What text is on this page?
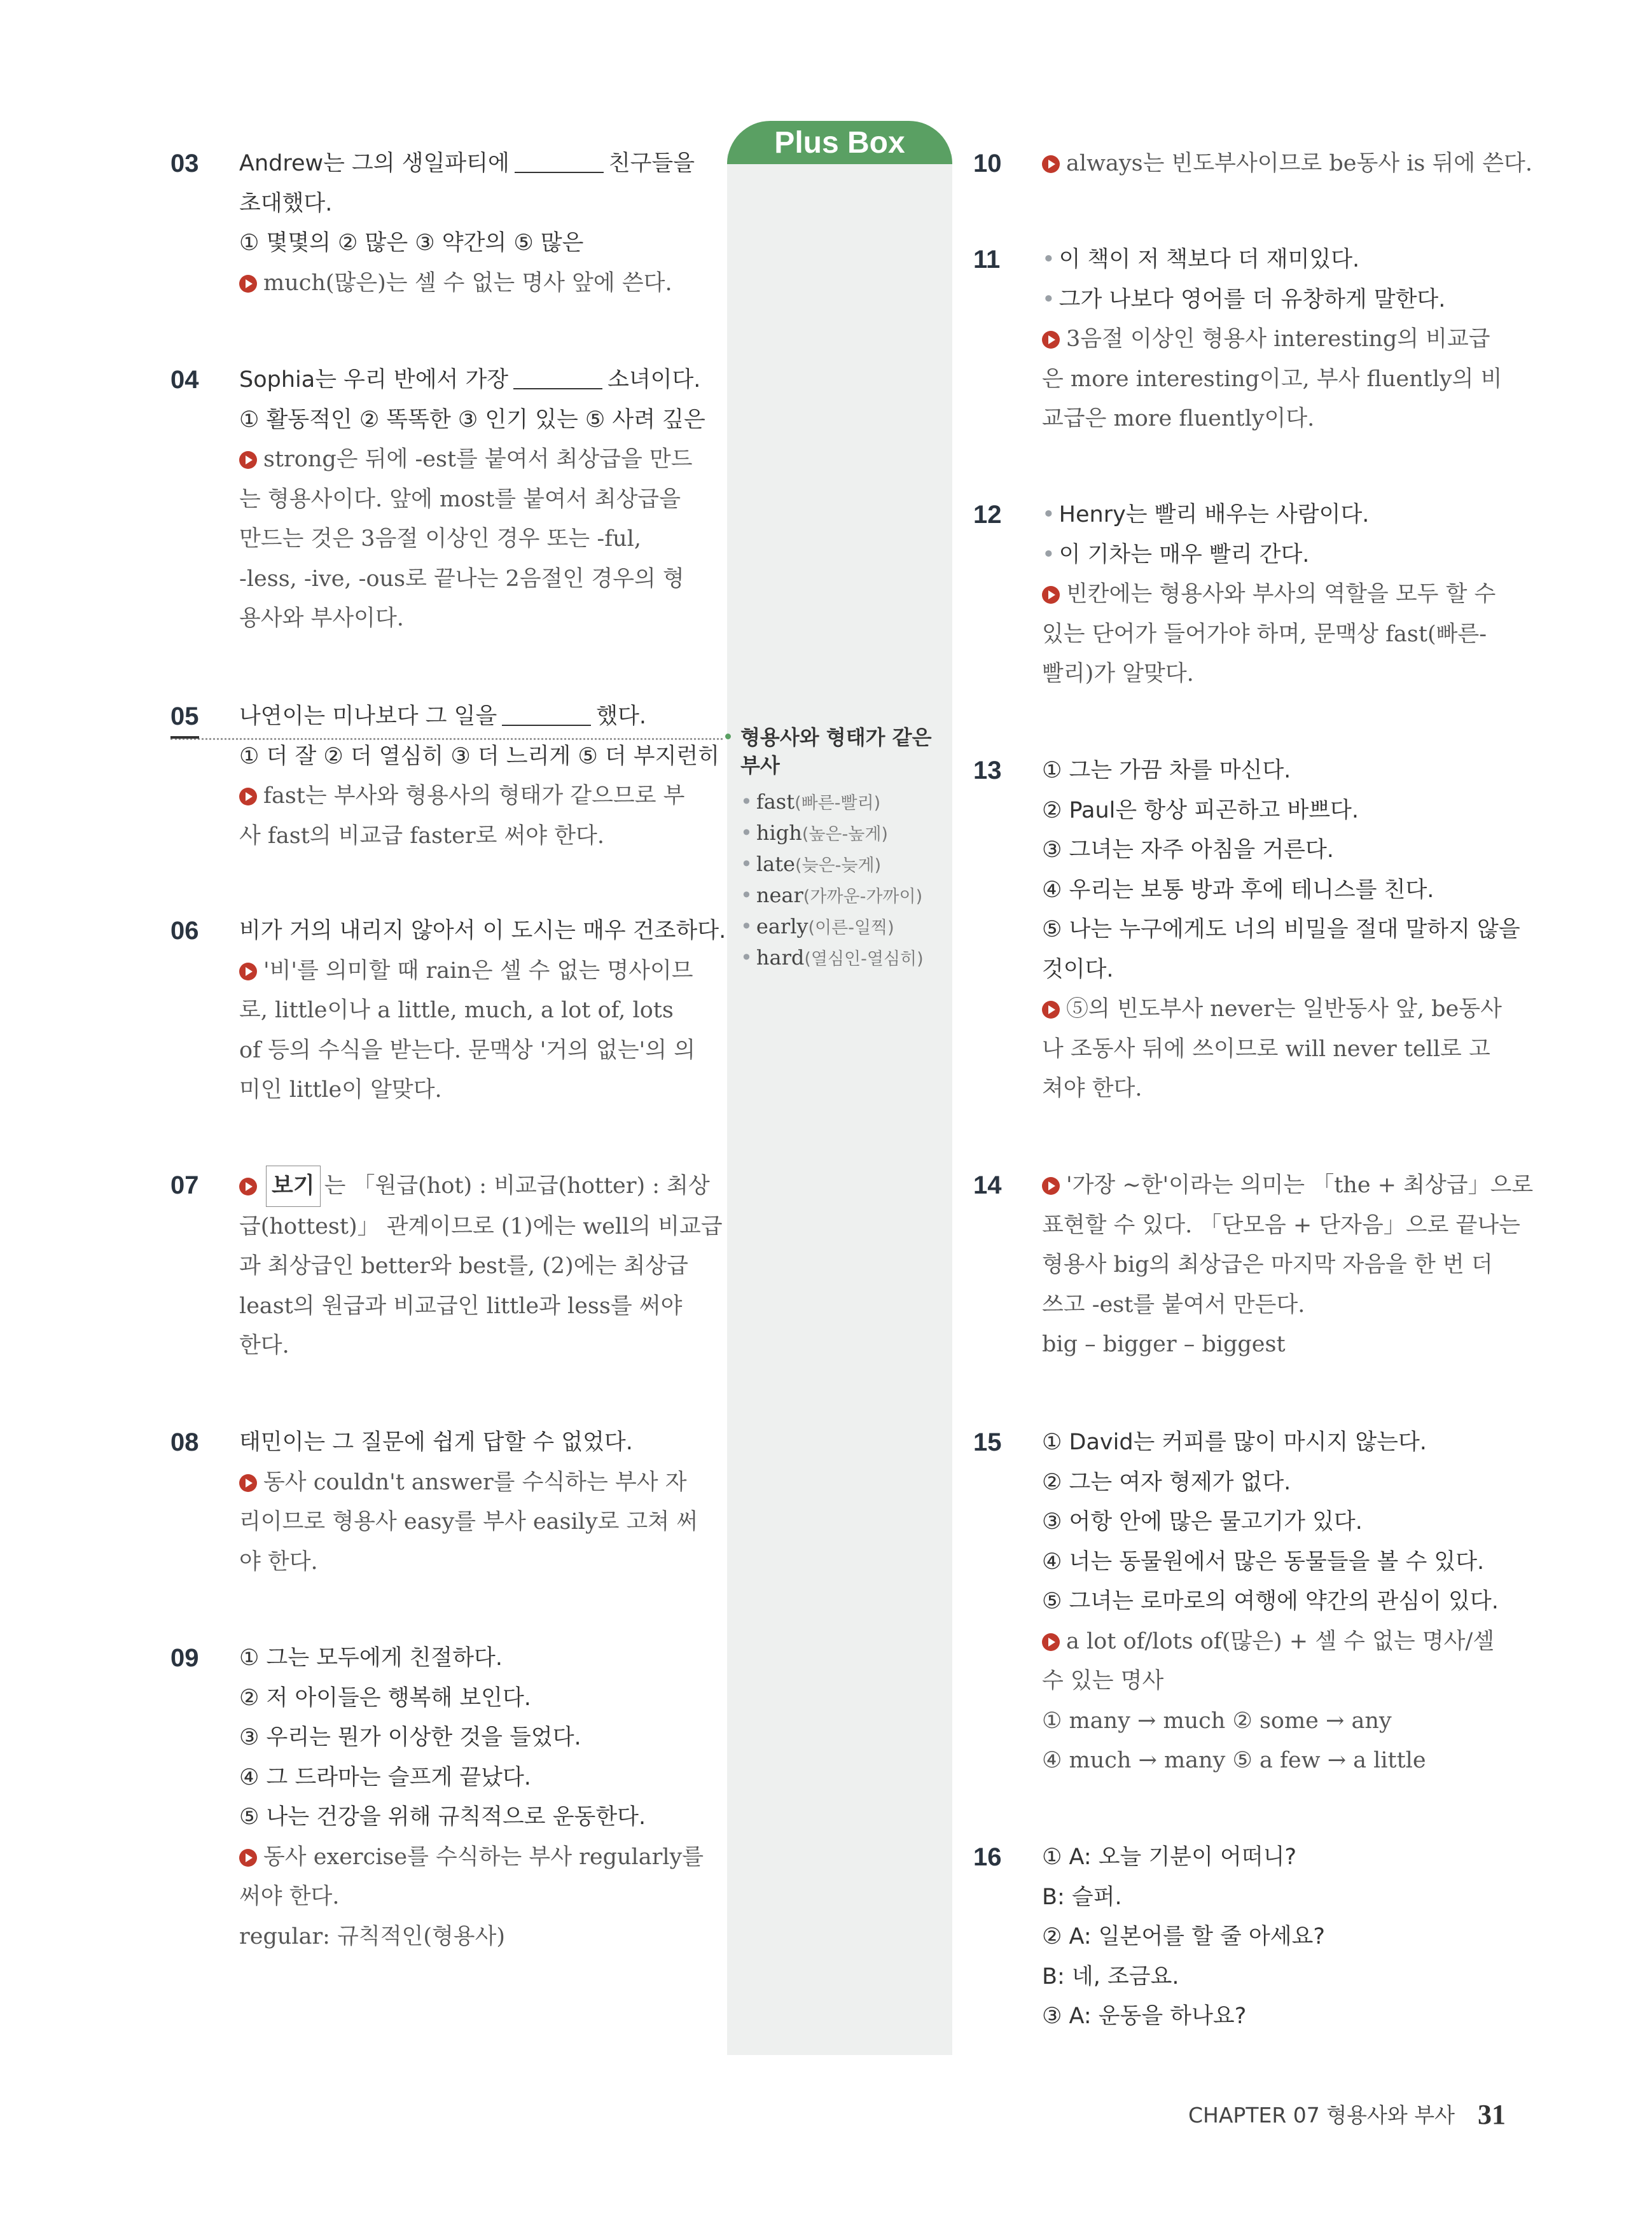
Plus Box
형용사와 형태가 같은 부사
• fast(빠른-빨리)
• high(높은-높게)
• late(늦은-늦게)
• near(가까운-가까이)
• early(이른-일찍)
• hard(열심인-열심히)
03 Andrew는 그의 생일파티에	친구들을
초대했다.
① 몇몇의 ② 많은 ③ 약간의 ⑤ 많은
much(많은)는 셀 수 없는 명사 앞에 쓴다.
04 Sophia는 우리 반에서 가장	소녀이다.
① 활동적인 ② 똑똑한 ③ 인기 있는 ⑤ 사려 깊은
strong은 뒤에 -est를 붙여서 최상급을 만드
는 형용사이다. 앞에 most를 붙여서 최상급을
만드는 것은 3음절 이상인 경우 또는 -ful,
-less, -ive, -ous로 끝나는 2음절인 경우의 형
용사와 부사이다.
05 나연이는 미나보다 그 일을	했다.
① 더 잘 ② 더 열심히 ③ 더 느리게 ⑤ 더 부지런히
fast는 부사와 형용사의 형태가 같으므로 부
사 fast의 비교급 faster로 써야 한다.
06 비가 거의 내리지 않아서 이 도시는 매우 건조하다.
'비'를 의미할 때 rain은 셀 수 없는 명사이므
로, little이나 a little, much, a lot of, lots
of 등의 수식을 받는다. 문맥상 '거의 없는'의 의
미인 little이 알맞다.
07	보기 는 「원급(hot) : 비교급(hotter) : 최상
급(hottest)」 관계이므로 (1)에는 well의 비교급
과 최상급인 better와 best를, (2)에는 최상급
least의 원급과 비교급인 little과 less를 써야
한다.
08 태민이는 그 질문에 쉽게 답할 수 없었다.
동사 couldn't answer를 수식하는 부사 자
리이므로 형용사 easy를 부사 easily로 고쳐 써
야 한다.
09 ① 그는 모두에게 친절하다.
② 저 아이들은 행복해 보인다.
③ 우리는 뭔가 이상한 것을 들었다.
④ 그 드라마는 슬프게 끝났다.
⑤ 나는 건강을 위해 규칙적으로 운동한다.
동사 exercise를 수식하는 부사 regularly를
써야 한다.
regular: 규칙적인(형용사)
10	always는 빈도부사이므로 be동사 is 뒤에 쓴다.
11 • 이 책이 저 책보다 더 재미있다.
• 그가 나보다 영어를 더 유창하게 말한다.
3음절 이상인 형용사 interesting의 비교급
은 more interesting이고, 부사 fluently의 비
교급은 more fluently이다.
12 • Henry는 빨리 배우는 사람이다.
• 이 기차는 매우 빨리 간다.
빈칸에는 형용사와 부사의 역할을 모두 할 수
있는 단어가 들어가야 하며, 문맥상 fast(빠른-
빨리)가 알맞다.
13 ① 그는 가끔 차를 마신다.
② Paul은 항상 피곤하고 바쁘다.
③ 그녀는 자주 아침을 거른다.
④ 우리는 보통 방과 후에 테니스를 친다.
⑤ 나는 누구에게도 너의 비밀을 절대 말하지 않을
것이다.
⑤의 빈도부사 never는 일반동사 앞, be동사
나 조동사 뒤에 쓰이므로 will never tell로 고
쳐야 한다.
14	'가장 ~한'이라는 의미는 「the + 최상급」으로
표현할 수 있다. 「단모음 + 단자음」으로 끝나는
형용사 big의 최상급은 마지막 자음을 한 번 더
쓰고 -est를 붙여서 만든다.
big – bigger – biggest
15 ① David는 커피를 많이 마시지 않는다.
② 그는 여자 형제가 없다.
③ 어항 안에 많은 물고기가 있다.
④ 너는 동물원에서 많은 동물들을 볼 수 있다.
⑤ 그녀는 로마로의 여행에 약간의 관심이 있다.
a lot of/lots of(많은) + 셀 수 없는 명사/셀
수 있는 명사
① many → much ② some → any
④ much → many ⑤ a few → a little
16 ① A: 오늘 기분이 어떠니?
B: 슬퍼.
② A: 일본어를 할 줄 아세요?
B: 네, 조금요.
③ A: 운동을 하나요?
CHAPTER 07 형용사와 부사 31
